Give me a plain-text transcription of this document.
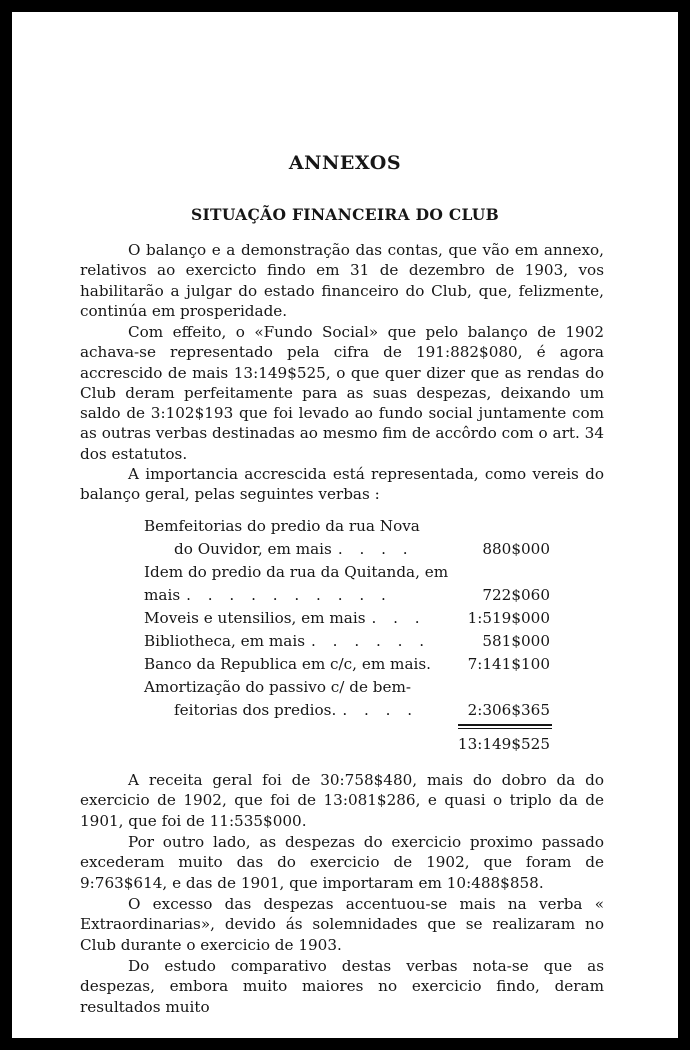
ANNEXOS
SITUAÇÃO FINANCEIRA DO CLUB

O balanço e a demonstração das contas, que vão em annexo, relativos ao exercicto findo em 31 de dezembro de 1903, vos habilitarão a julgar do estado financeiro do Club, que, felizmente, continúa em prosperidade.

Com effeito, o «Fundo Social» que pelo balanço de 1902 achava-se representado pela cifra de 191:882$080, é agora accrescido de mais 13:149$525, o que quer dizer que as rendas do Club deram perfeitamente para as suas despezas, deixando um saldo de 3:102$193 que foi levado ao fundo social juntamente com as outras verbas destinadas ao mesmo fim de accôrdo com o art. 34 dos estatutos.

A importancia accrescida está representada, como vereis do balanço geral, pelas seguintes verbas :

Bemfeitorias do predio da rua Nova
do Ouvidor, em mais . . . .	880$000
Idem do predio da rua da Quitanda, em
mais . . . . . . . . . .	722$060
Moveis e utensilios, em mais . . .	1:519$000
Bibliotheca, em mais . . . . . .	581$000
Banco da Republica em c/c, em mais.	7:141$100
Amortização do passivo c/ de bem-
feitorias dos predios. . . . .	2:306$365
13:149$525

A receita geral foi de 30:758$480, mais do dobro da do exercicio de 1902, que foi de 13:081$286, e quasi o triplo da de 1901, que foi de 11:535$000.

Por outro lado, as despezas do exercicio proximo passado excederam muito das do exercicio de 1902, que foram de 9:763$614, e das de 1901, que importaram em 10:488$858.

O excesso das despezas accentuou-se mais na verba « Extraordinarias», devido ás solemnidades que se realizaram no Club durante o exercicio de 1903.

Do estudo comparativo destas verbas nota-se que as despezas, embora muito maiores no exercicio findo, deram resultados muito
